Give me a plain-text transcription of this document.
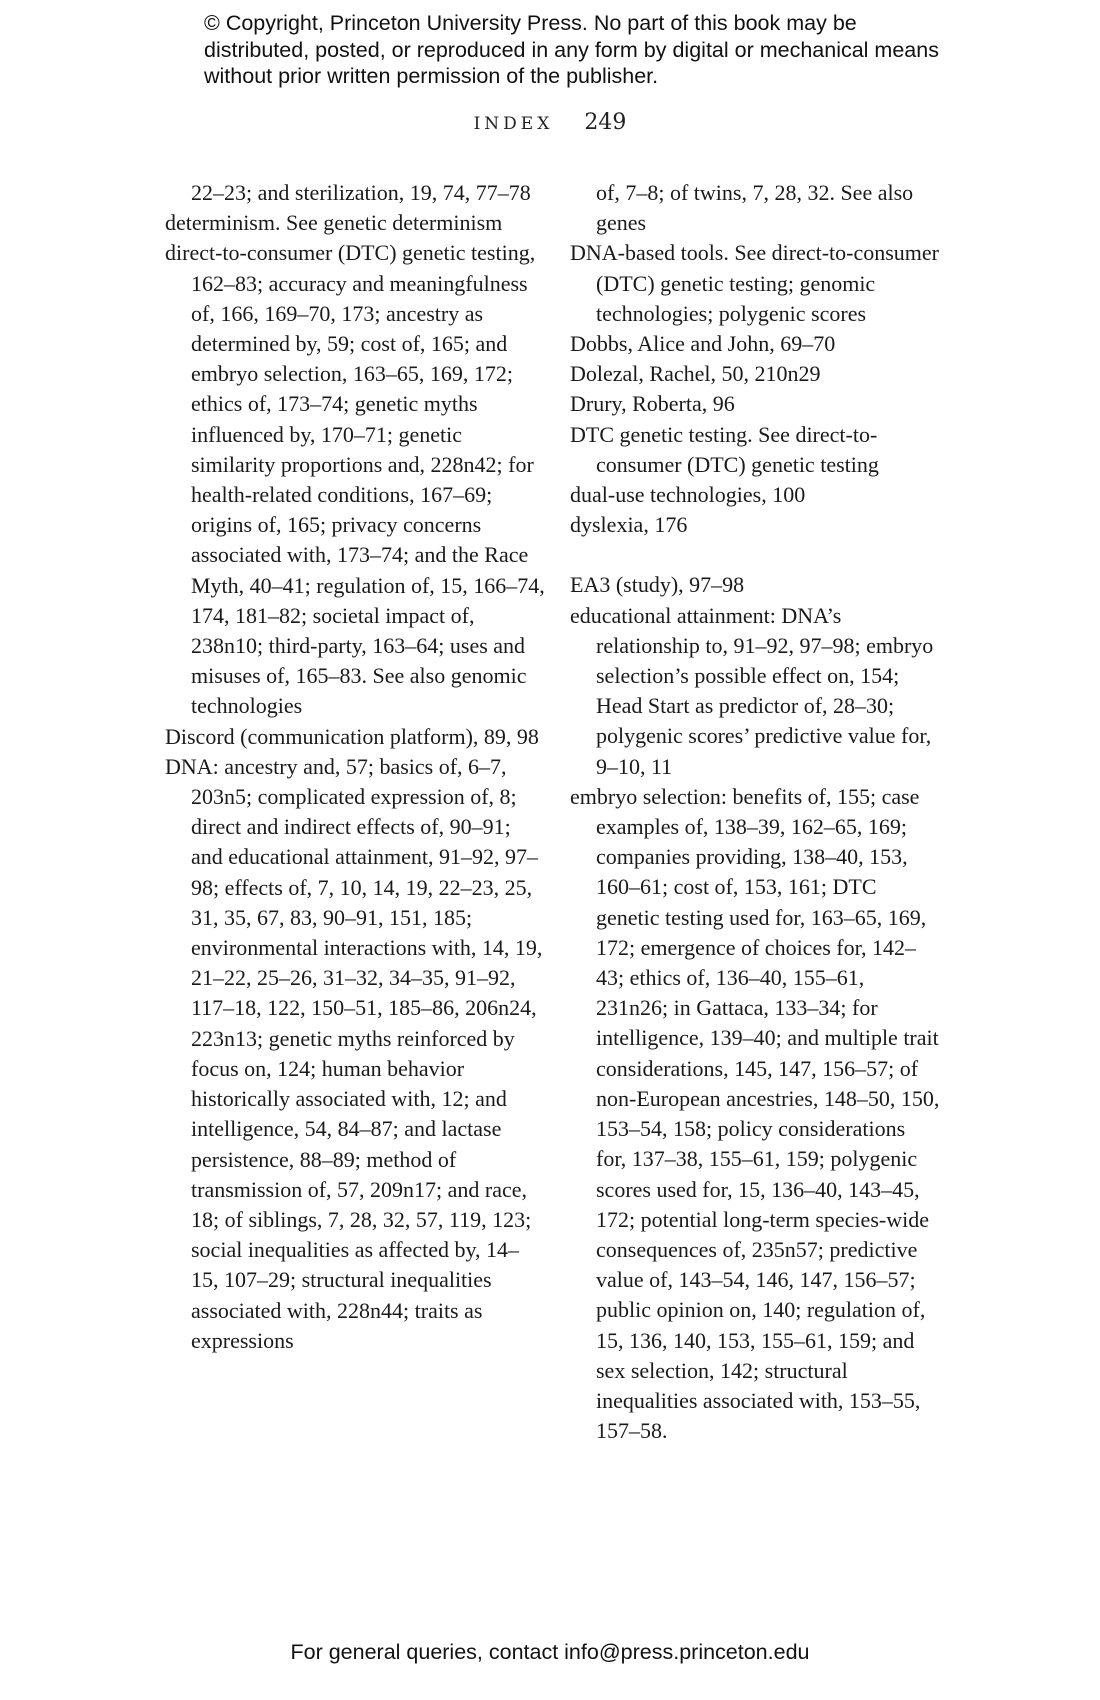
© Copyright, Princeton University Press. No part of this book may be distributed, posted, or reproduced in any form by digital or mechanical means without prior written permission of the publisher.
INDEX 249

22–23; and sterilization, 19, 74, 77–78

determinism. See genetic determinism

direct-to-consumer (DTC) genetic testing, 162–83; accuracy and meaningfulness of, 166, 169–70, 173; ancestry as determined by, 59; cost of, 165; and embryo selection, 163–65, 169, 172; ethics of, 173–74; genetic myths influenced by, 170–71; genetic similarity proportions and, 228n42; for health-related conditions, 167–69; origins of, 165; privacy concerns associated with, 173–74; and the Race Myth, 40–41; regulation of, 15, 166–74, 174, 181–82; societal impact of, 238n10; third-party, 163–64; uses and misuses of, 165–83. See also genomic technologies

Discord (communication platform), 89, 98

DNA: ancestry and, 57; basics of, 6–7, 203n5; complicated expression of, 8; direct and indirect effects of, 90–91; and educational attainment, 91–92, 97–98; effects of, 7, 10, 14, 19, 22–23, 25, 31, 35, 67, 83, 90–91, 151, 185; environmental interactions with, 14, 19, 21–22, 25–26, 31–32, 34–35, 91–92, 117–18, 122, 150–51, 185–86, 206n24, 223n13; genetic myths reinforced by focus on, 124; human behavior historically associated with, 12; and intelligence, 54, 84–87; and lactase persistence, 88–89; method of transmission of, 57, 209n17; and race, 18; of siblings, 7, 28, 32, 57, 119, 123; social inequalities as affected by, 14–15, 107–29; structural inequalities associated with, 228n44; traits as expressions

of, 7–8; of twins, 7, 28, 32. See also genes

DNA-based tools. See direct-to-consumer (DTC) genetic testing; genomic technologies; polygenic scores

Dobbs, Alice and John, 69–70

Dolezal, Rachel, 50, 210n29

Drury, Roberta, 96

DTC genetic testing. See direct-to-consumer (DTC) genetic testing

dual-use technologies, 100

dyslexia, 176

EA3 (study), 97–98

educational attainment: DNA’s relationship to, 91–92, 97–98; embryo selection’s possible effect on, 154; Head Start as predictor of, 28–30; polygenic scores’ predictive value for, 9–10, 11

embryo selection: benefits of, 155; case examples of, 138–39, 162–65, 169; companies providing, 138–40, 153, 160–61; cost of, 153, 161; DTC genetic testing used for, 163–65, 169, 172; emergence of choices for, 142–43; ethics of, 136–40, 155–61, 231n26; in Gattaca, 133–34; for intelligence, 139–40; and multiple trait considerations, 145, 147, 156–57; of non-European ancestries, 148–50, 150, 153–54, 158; policy considerations for, 137–38, 155–61, 159; polygenic scores used for, 15, 136–40, 143–45, 172; potential long-term species-wide consequences of, 235n57; predictive value of, 143–54, 146, 147, 156–57; public opinion on, 140; regulation of, 15, 136, 140, 153, 155–61, 159; and sex selection, 142; structural inequalities associated with, 153–55, 157–58.

For general queries, contact info@press.princeton.edu
